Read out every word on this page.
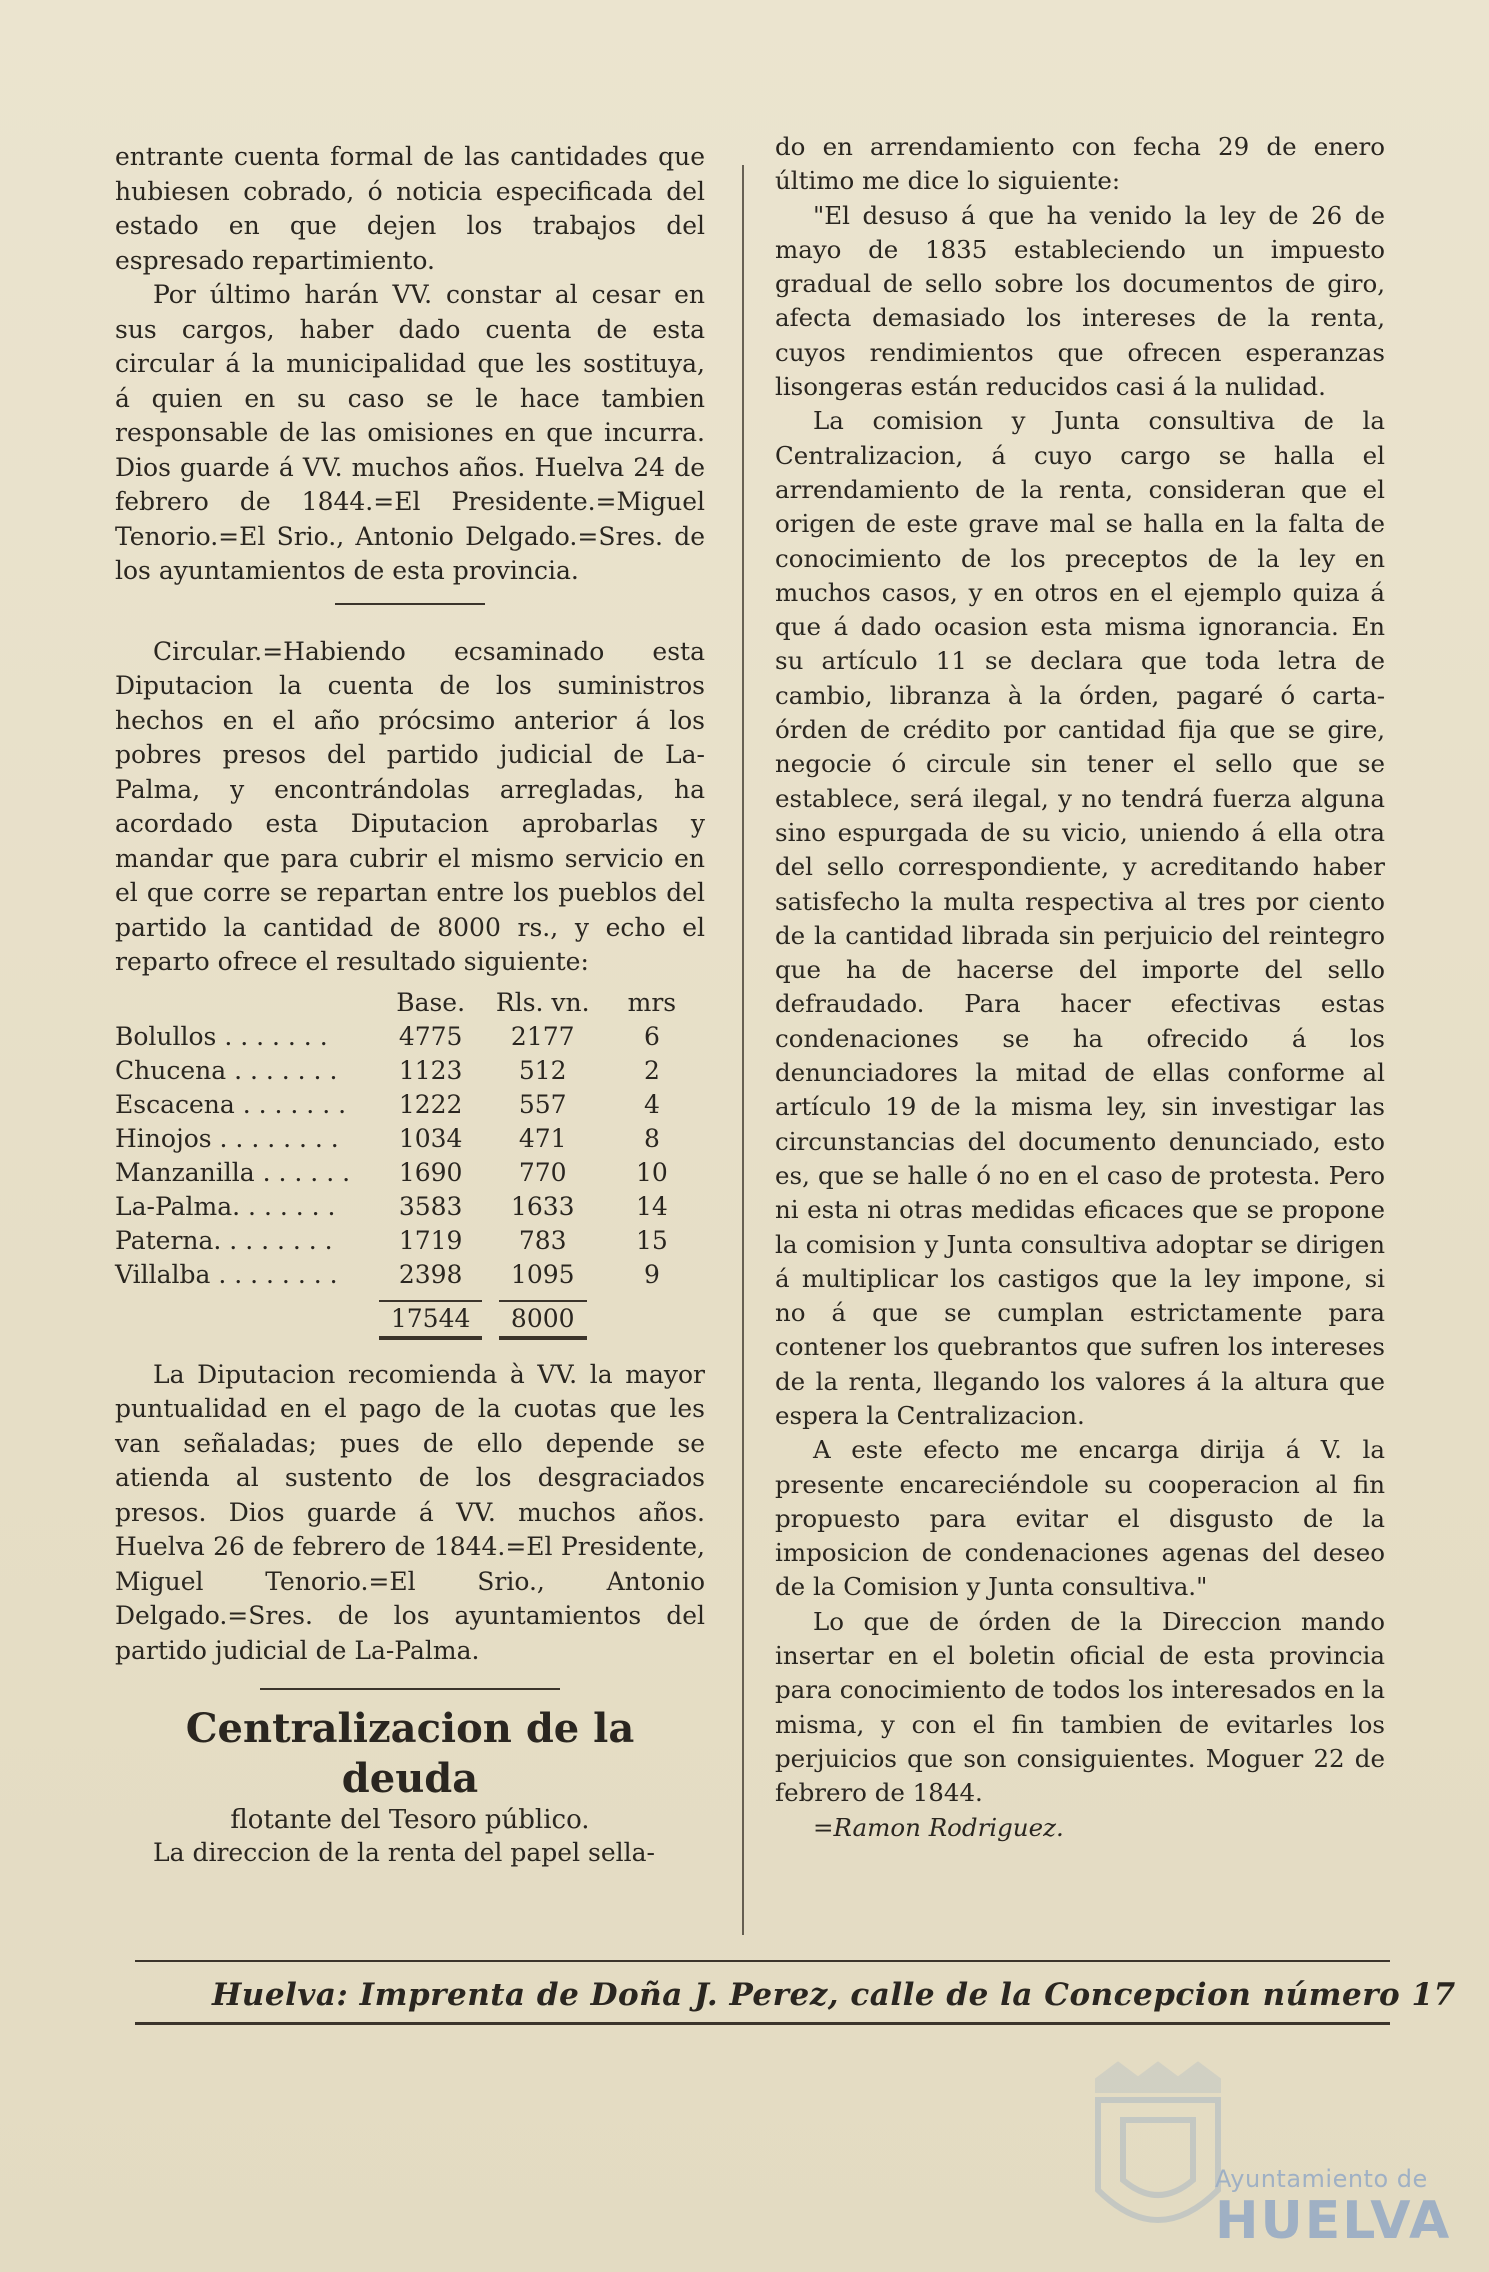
entrante cuenta formal de las cantidades que hubiesen cobrado, ó noticia especificada del estado en que dejen los trabajos del espresado repartimiento.

Por último harán VV. constar al cesar en sus cargos, haber dado cuenta de esta circular á la municipalidad que les sostituya, á quien en su caso se le hace tambien responsable de las omisiones en que incurra. Dios guarde á VV. muchos años. Huelva 24 de febrero de 1844.=El Presidente.=Miguel Tenorio.=El Srio., Antonio Delgado.=Sres. de los ayuntamientos de esta provincia.

Circular.=Habiendo ecsaminado esta Diputacion la cuenta de los suministros hechos en el año prócsimo anterior á los pobres presos del partido judicial de La-Palma, y encontrándolas arregladas, ha acordado esta Diputacion aprobarlas y mandar que para cubrir el mismo servicio en el que corre se repartan entre los pueblos del partido la cantidad de 8000 rs., y echo el reparto ofrece el resultado siguiente:

	Base.	Rls. vn.	mrs
Bolullos . . . . . . .	4775	2177	6
Chucena . . . . . . .	1123	512	2
Escacena . . . . . . .	1222	557	4
Hinojos . . . . . . . .	1034	471	8
Manzanilla . . . . . .	1690	770	10
La-Palma. . . . . . .	3583	1633	14
Paterna. . . . . . . .	1719	783	15
Villalba . . . . . . . .	2398	1095	9
	17544	8000	

La Diputacion recomienda à VV. la mayor puntualidad en el pago de la cuotas que les van señaladas; pues de ello depende se atienda al sustento de los desgraciados presos. Dios guarde á VV. muchos años. Huelva 26 de febrero de 1844.=El Presidente, Miguel Tenorio.=El Srio., Antonio Delgado.=Sres. de los ayuntamientos del partido judicial de La-Palma.

Centralizacion de la deuda
flotante del Tesoro público.

La direccion de la renta del papel sella-

do en arrendamiento con fecha 29 de enero último me dice lo siguiente:

"El desuso á que ha venido la ley de 26 de mayo de 1835 estableciendo un impuesto gradual de sello sobre los documentos de giro, afecta demasiado los intereses de la renta, cuyos rendimientos que ofrecen esperanzas lisongeras están reducidos casi á la nulidad.

La comision y Junta consultiva de la Centralizacion, á cuyo cargo se halla el arrendamiento de la renta, consideran que el origen de este grave mal se halla en la falta de conocimiento de los preceptos de la ley en muchos casos, y en otros en el ejemplo quiza á que á dado ocasion esta misma ignorancia. En su artículo 11 se declara que toda letra de cambio, libranza à la órden, pagaré ó carta-órden de crédito por cantidad fija que se gire, negocie ó circule sin tener el sello que se establece, será ilegal, y no tendrá fuerza alguna sino espurgada de su vicio, uniendo á ella otra del sello correspondiente, y acreditando haber satisfecho la multa respectiva al tres por ciento de la cantidad librada sin perjuicio del reintegro que ha de hacerse del importe del sello defraudado. Para hacer efectivas estas condenaciones se ha ofrecido á los denunciadores la mitad de ellas conforme al artículo 19 de la misma ley, sin investigar las circunstancias del documento denunciado, esto es, que se halle ó no en el caso de protesta. Pero ni esta ni otras medidas eficaces que se propone la comision y Junta consultiva adoptar se dirigen á multiplicar los castigos que la ley impone, si no á que se cumplan estrictamente para contener los quebrantos que sufren los intereses de la renta, llegando los valores á la altura que espera la Centralizacion.

A este efecto me encarga dirija á V. la presente encareciéndole su cooperacion al fin propuesto para evitar el disgusto de la imposicion de condenaciones agenas del deseo de la Comision y Junta consultiva."

Lo que de órden de la Direccion mando insertar en el boletin oficial de esta provincia para conocimiento de todos los interesados en la misma, y con el fin tambien de evitarles los perjuicios que son consiguientes. Moguer 22 de febrero de 1844.

=Ramon Rodriguez.

Huelva: Imprenta de Doña J. Perez, calle de la Concepcion número 17
Ayuntamiento de
HUELVA
